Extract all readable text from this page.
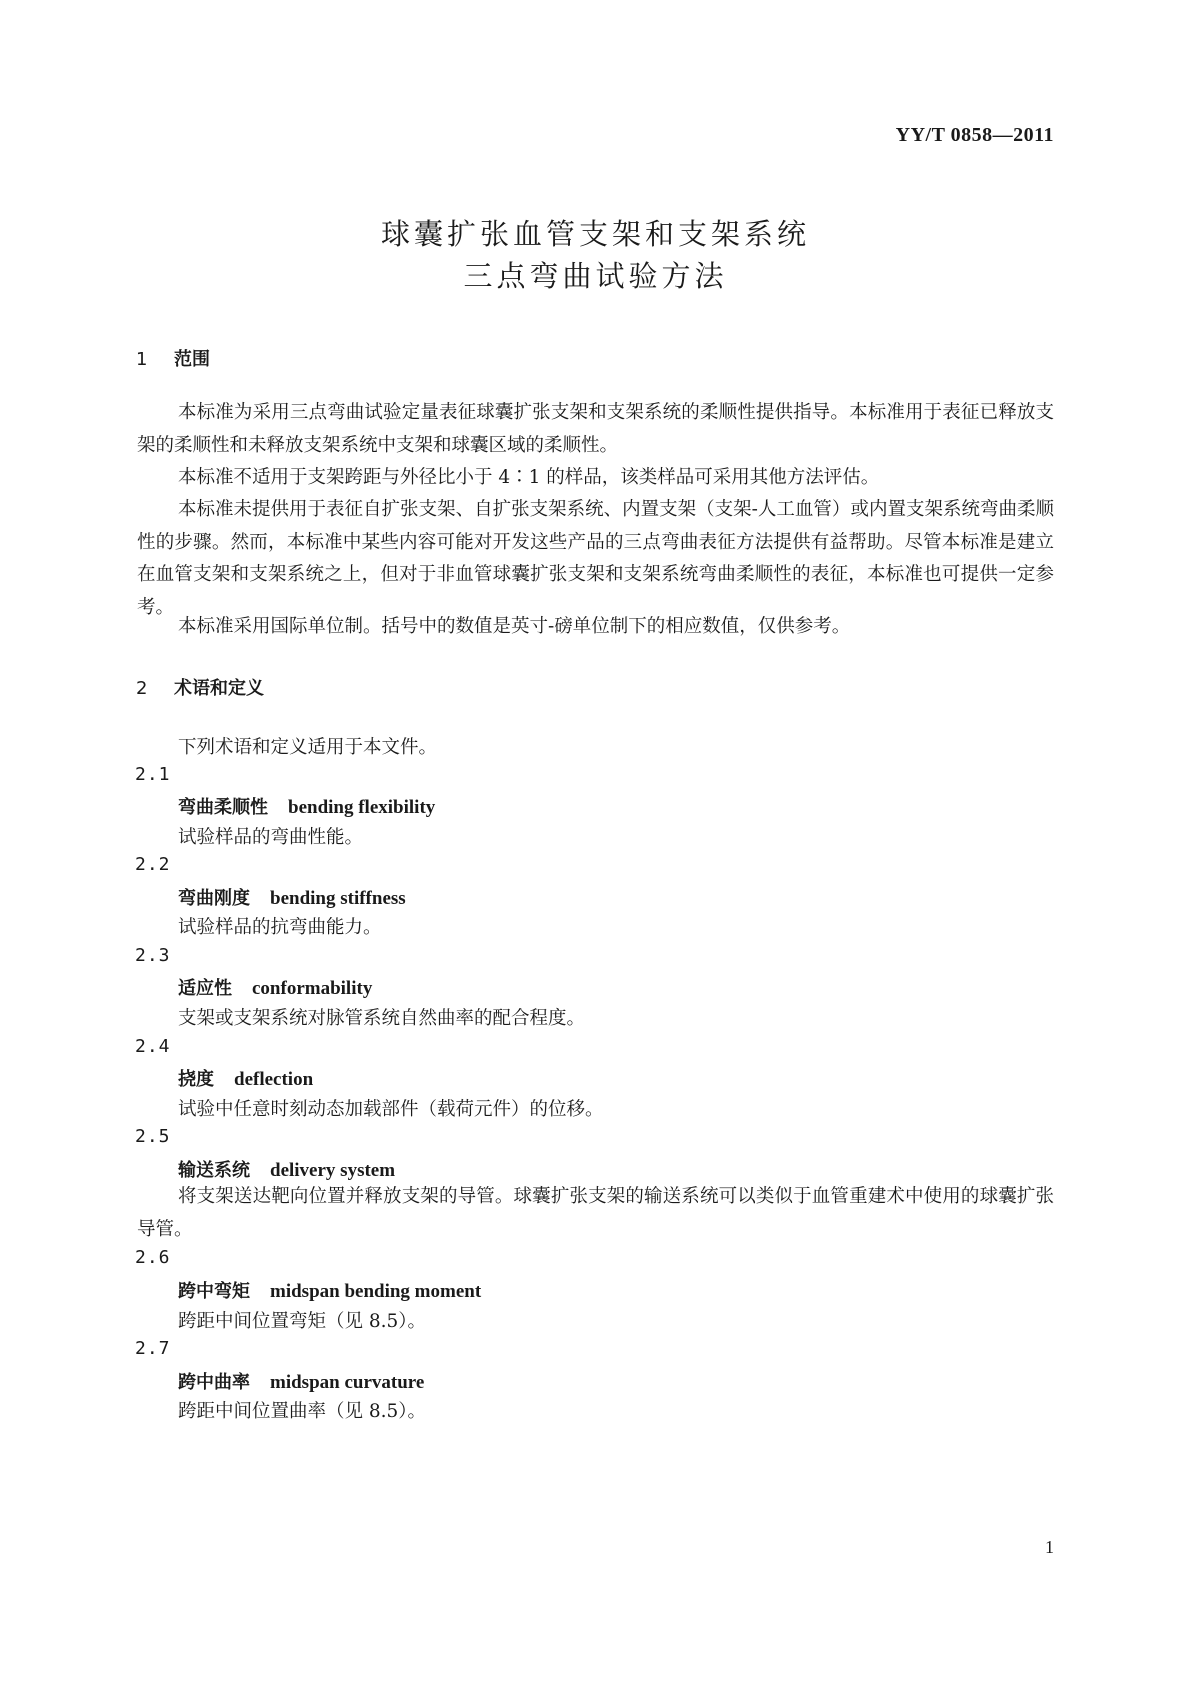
YY/T 0858—2011
球囊扩张血管支架和支架系统
三点弯曲试验方法
1 范围
本标准为采用三点弯曲试验定量表征球囊扩张支架和支架系统的柔顺性提供指导。本标准用于表征已释放支架的柔顺性和未释放支架系统中支架和球囊区域的柔顺性。
本标准不适用于支架跨距与外径比小于 4∶1 的样品，该类样品可采用其他方法评估。
本标准未提供用于表征自扩张支架、自扩张支架系统、内置支架（支架-人工血管）或内置支架系统弯曲柔顺性的步骤。然而，本标准中某些内容可能对开发这些产品的三点弯曲表征方法提供有益帮助。尽管本标准是建立在血管支架和支架系统之上，但对于非血管球囊扩张支架和支架系统弯曲柔顺性的表征，本标准也可提供一定参考。
本标准采用国际单位制。括号中的数值是英寸-磅单位制下的相应数值，仅供参考。
2 术语和定义
下列术语和定义适用于本文件。
2.1
弯曲柔顺性 bending flexibility
试验样品的弯曲性能。
2.2
弯曲刚度 bending stiffness
试验样品的抗弯曲能力。
2.3
适应性 conformability
支架或支架系统对脉管系统自然曲率的配合程度。
2.4
挠度 deflection
试验中任意时刻动态加载部件（载荷元件）的位移。
2.5
输送系统 delivery system
将支架送达靶向位置并释放支架的导管。球囊扩张支架的输送系统可以类似于血管重建术中使用的球囊扩张导管。
2.6
跨中弯矩 midspan bending moment
跨距中间位置弯矩（见 8.5）。
2.7
跨中曲率 midspan curvature
跨距中间位置曲率（见 8.5）。
1
